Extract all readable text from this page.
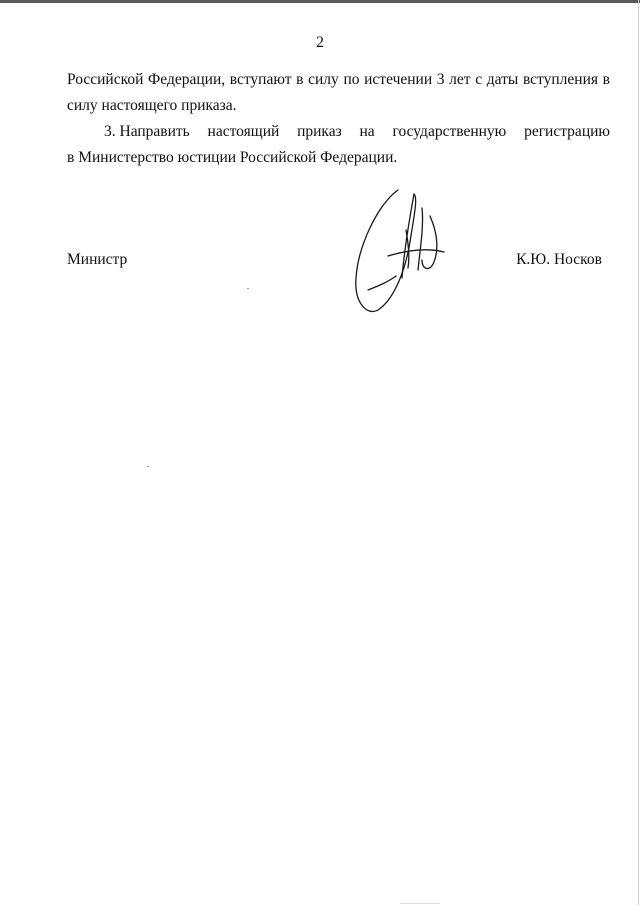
2
Российской Федерации, вступают в силу по истечении 3 лет с даты вступления в
силу настоящего приказа.
3. Направить настоящий приказ на государственную регистрацию
в Министерство юстиции Российской Федерации.
Министр	К.Ю. Носков
